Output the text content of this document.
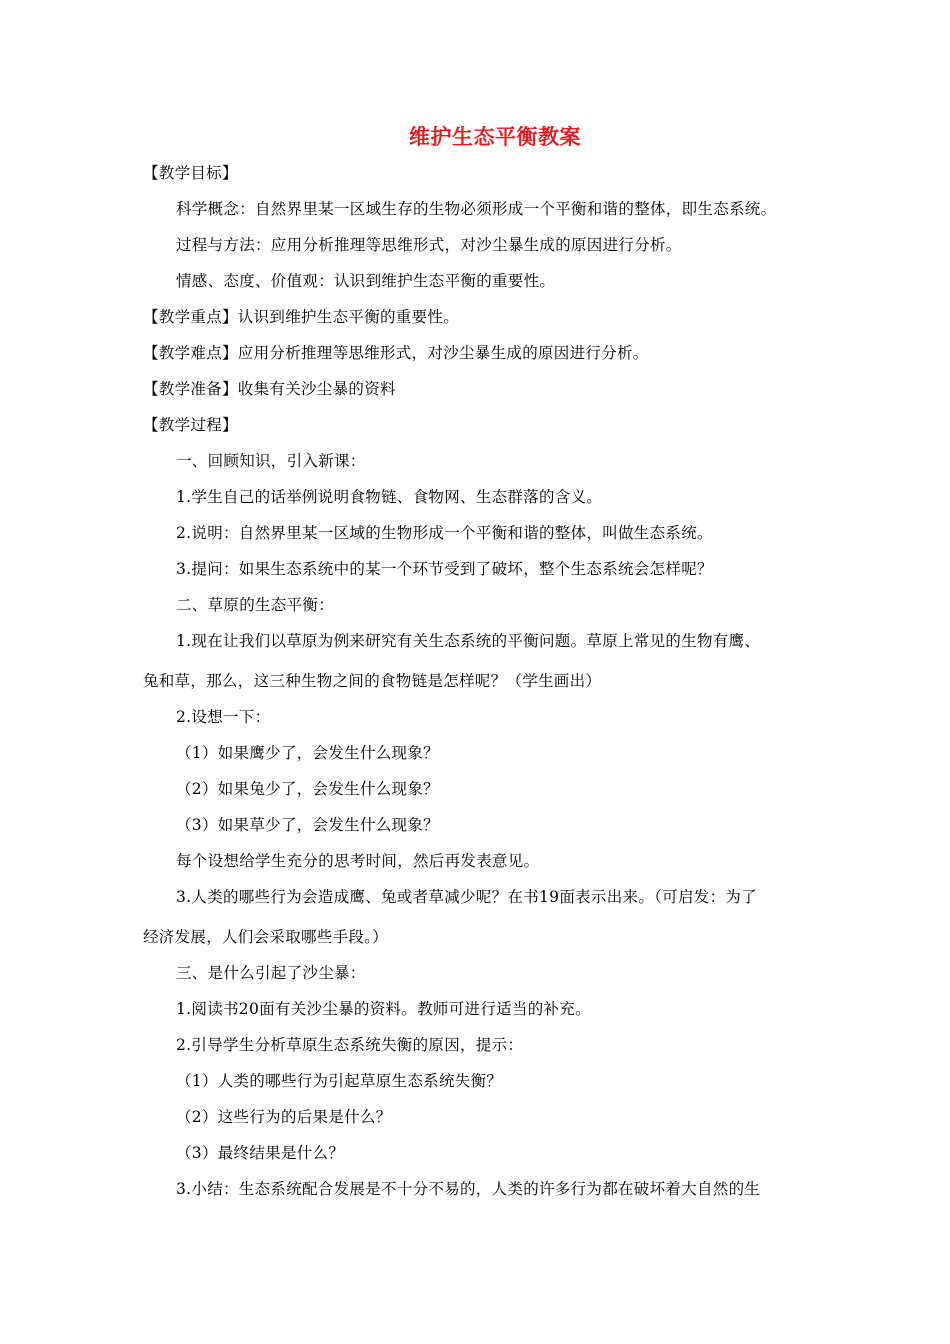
维护生态平衡教案
【教学目标】
科学概念：自然界里某一区域生存的生物必须形成一个平衡和谐的整体，即生态系统。
过程与方法：应用分析推理等思维形式，对沙尘暴生成的原因进行分析。
情感、态度、价值观：认识到维护生态平衡的重要性。
【教学重点】认识到维护生态平衡的重要性。
【教学难点】应用分析推理等思维形式，对沙尘暴生成的原因进行分析。
【教学准备】收集有关沙尘暴的资料
【教学过程】
一、回顾知识，引入新课：
1.学生自己的话举例说明食物链、食物网、生态群落的含义。
2.说明：自然界里某一区域的生物形成一个平衡和谐的整体，叫做生态系统。
3.提问：如果生态系统中的某一个环节受到了破坏，整个生态系统会怎样呢？
二、草原的生态平衡：
1.现在让我们以草原为例来研究有关生态系统的平衡问题。草原上常见的生物有鹰、
兔和草，那么，这三种生物之间的食物链是怎样呢？（学生画出）
2.设想一下：
（1）如果鹰少了，会发生什么现象？
（2）如果兔少了，会发生什么现象？
（3）如果草少了，会发生什么现象？
每个设想给学生充分的思考时间，然后再发表意见。
3.人类的哪些行为会造成鹰、兔或者草减少呢？在书19面表示出来。（可启发：为了
经济发展，人们会采取哪些手段。）
三、是什么引起了沙尘暴：
1.阅读书20面有关沙尘暴的资料。教师可进行适当的补充。
2.引导学生分析草原生态系统失衡的原因，提示：
（1）人类的哪些行为引起草原生态系统失衡？
（2）这些行为的后果是什么？
（3）最终结果是什么？
3.小结：生态系统配合发展是不十分不易的，人类的许多行为都在破坏着大自然的生
